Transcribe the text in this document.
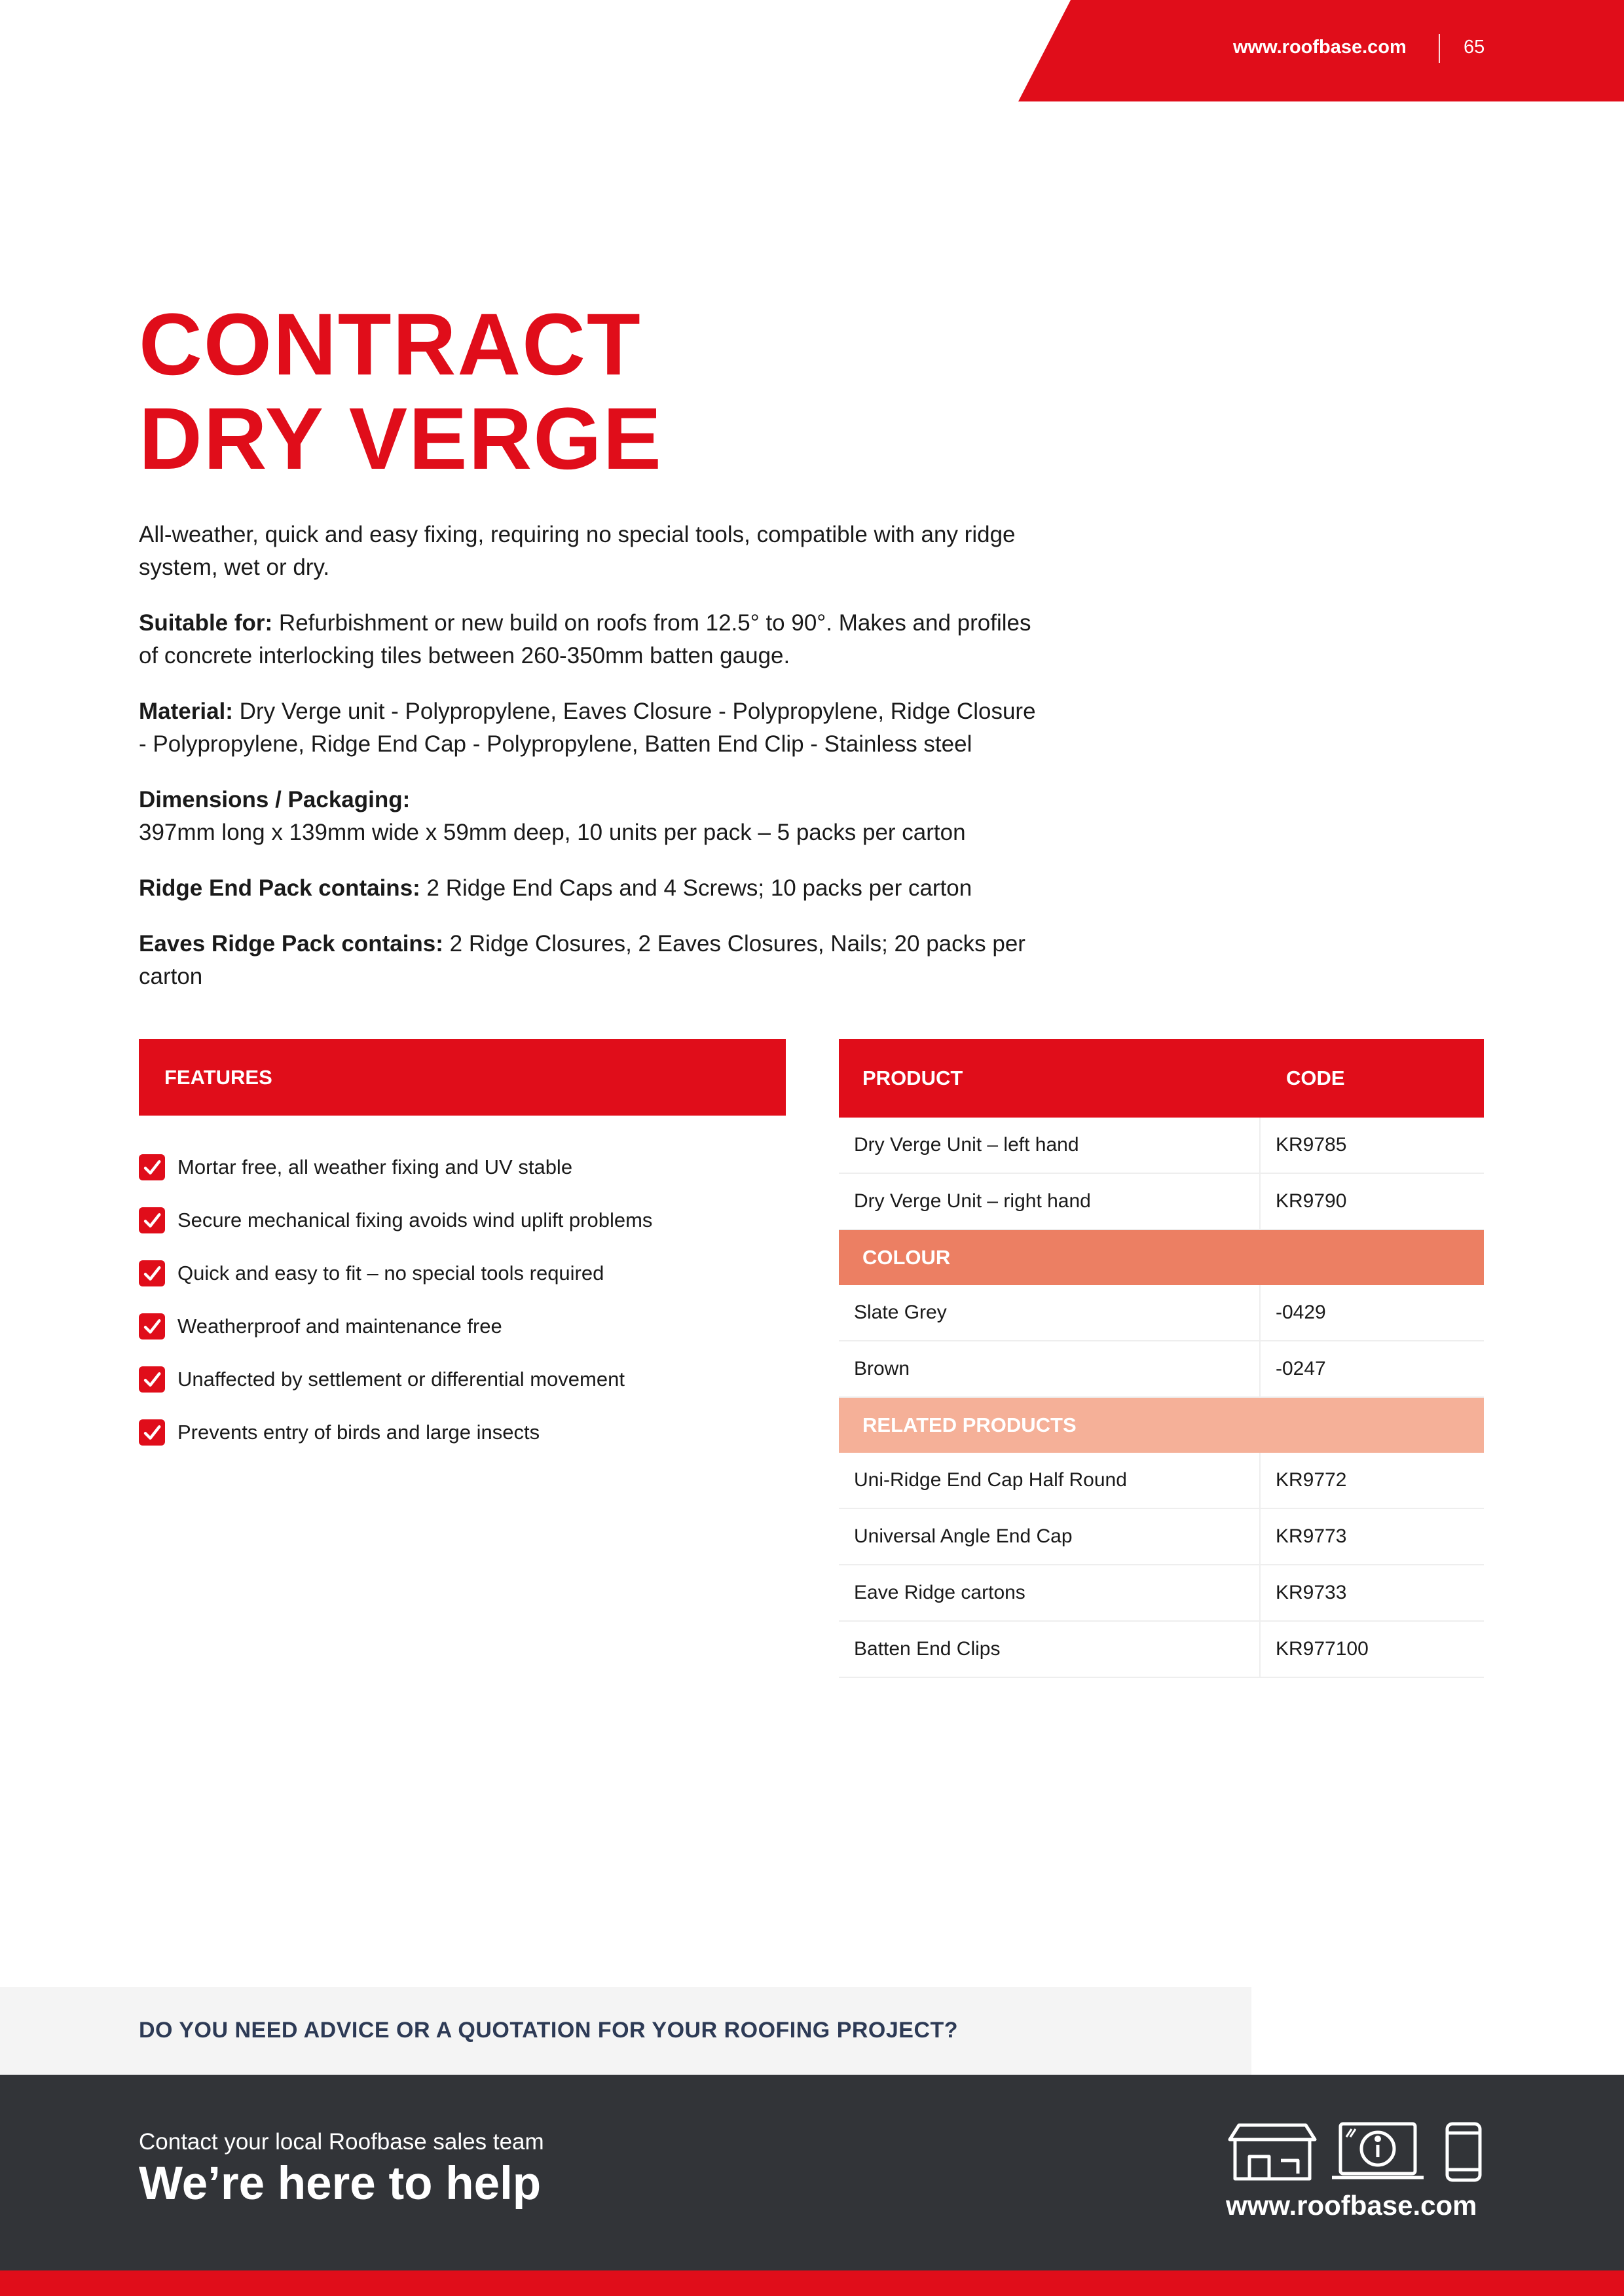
www.roofbase.com	65
CONTRACT
DRY VERGE

All-weather, quick and easy fixing, requiring no special tools, compatible with any ridge system, wet or dry.

Suitable for: Refurbishment or new build on roofs from 12.5° to 90°. Makes and profiles of concrete interlocking tiles between 260-350mm batten gauge.

Material: Dry Verge unit - Polypropylene, Eaves Closure - Polypropylene, Ridge Closure - Polypropylene, Ridge End Cap - Polypropylene, Batten End Clip - Stainless steel

Dimensions / Packaging:
397mm long x 139mm wide x 59mm deep, 10 units per pack – 5 packs per carton

Ridge End Pack contains: 2 Ridge End Caps and 4 Screws; 10 packs per carton

Eaves Ridge Pack contains: 2 Ridge Closures, 2 Eaves Closures, Nails; 20 packs per carton

FEATURES
Mortar free, all weather fixing and UV stable
Secure mechanical fixing avoids wind uplift problems
Quick and easy to fit – no special tools required
Weatherproof and maintenance free
Unaffected by settlement or differential movement
Prevents entry of birds and large insects
PRODUCT	CODE
Dry Verge Unit – left hand	KR9785
Dry Verge Unit – right hand	KR9790
COLOUR	
Slate Grey	-0429
Brown	-0247
RELATED PRODUCTS	
Uni-Ridge End Cap Half Round	KR9772
Universal Angle End Cap	KR9773
Eave Ridge cartons	KR9733
Batten End Clips	KR977100
DO YOU NEED ADVICE OR A QUOTATION FOR YOUR ROOFING PROJECT?
Contact your local Roofbase sales team
We’re here to help	www.roofbase.com
